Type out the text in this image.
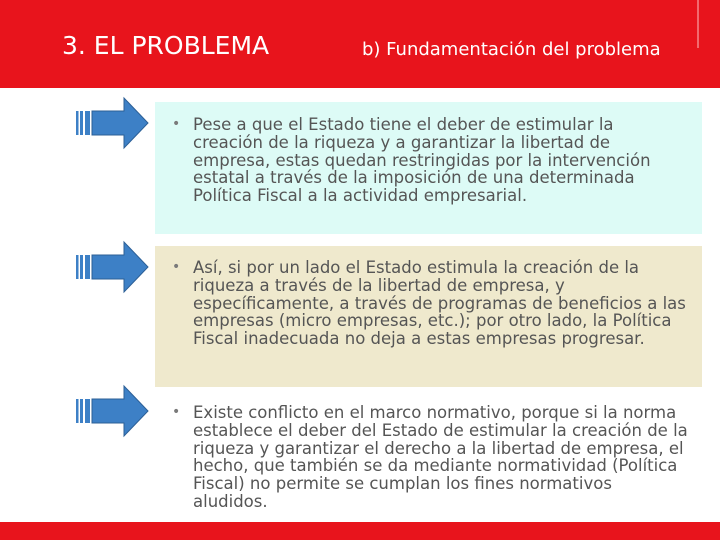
3. EL PROBLEMA	b) Fundamentación del problema

• Pese a que el Estado tiene el deber de estimular la creación de la riqueza y a garantizar la libertad de empresa, estas quedan restringidas por la intervención estatal a través de la imposición de una determinada Política Fiscal a la actividad empresarial.

• Así, si por un lado el Estado estimula la creación de la riqueza a través de la libertad de empresa, y específicamente, a través de programas de beneficios a las empresas (micro empresas, etc.); por otro lado, la Política Fiscal inadecuada no deja a estas empresas progresar.

• Existe conflicto en el marco normativo, porque si la norma establece el deber del Estado de estimular la creación de la riqueza y garantizar el derecho a la libertad de empresa, el hecho, que también se da mediante normatividad (Política Fiscal) no permite se cumplan los fines normativos aludidos.
